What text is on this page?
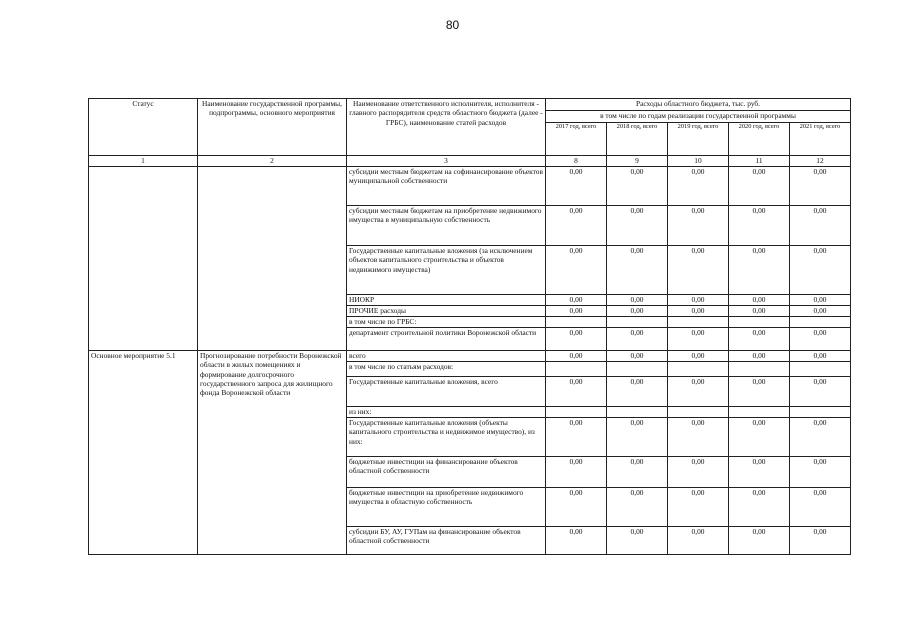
80
Статус	Наименование государственной программы, подпрограммы, основного мероприятия	Наименование ответственного исполнителя, исполнителя - главного распорядителя средств областного бюджета (далее - ГРБС), наименование статей расходов	Расходы областного бюджета, тыс. руб.				
			в том числе по годам реализации государственной программы				
			2017 год, всего	2018 год, всего	2019 год, всего	2020 год, всего	2021 год, всего
1	2	3	8	9	10	11	12
		субсидии местным бюджетам на софинансирование объектов муниципальной собственности	0,00	0,00	0,00	0,00	0,00
		субсидии местным бюджетам на приобретение недвижимого имущества в муниципальную собственность	0,00	0,00	0,00	0,00	0,00
		Государственные капитальные вложения (за исключением объектов капитального строительства и объектов недвижимого имущества)	0,00	0,00	0,00	0,00	0,00
		НИОКР	0,00	0,00	0,00	0,00	0,00
		ПРОЧИЕ расходы	0,00	0,00	0,00	0,00	0,00
		в том числе по ГРБС:					
		департамент строительной политики Воронежской области	0,00	0,00	0,00	0,00	0,00
Основное мероприятие 5.1	Прогнозирование потребности Воронежской области в жилых помещениях и формирование долгосрочного государственного запроса для жилищного фонда Воронежской области	всего	0,00	0,00	0,00	0,00	0,00
		в том числе по статьям расходов:					
		Государственные капитальные вложения, всего	0,00	0,00	0,00	0,00	0,00
		из них:					
		Государственные капитальные вложения (объекты капитального строительства и недвижимое имущество), из них:	0,00	0,00	0,00	0,00	0,00
		бюджетные инвестиции на финансирование объектов областной собственности	0,00	0,00	0,00	0,00	0,00
		бюджетные инвестиции на приобретение недвижимого имущества в областную собственность	0,00	0,00	0,00	0,00	0,00
		субсидии БУ, АУ, ГУПам на финансирование объектов областной собственности	0,00	0,00	0,00	0,00	0,00
